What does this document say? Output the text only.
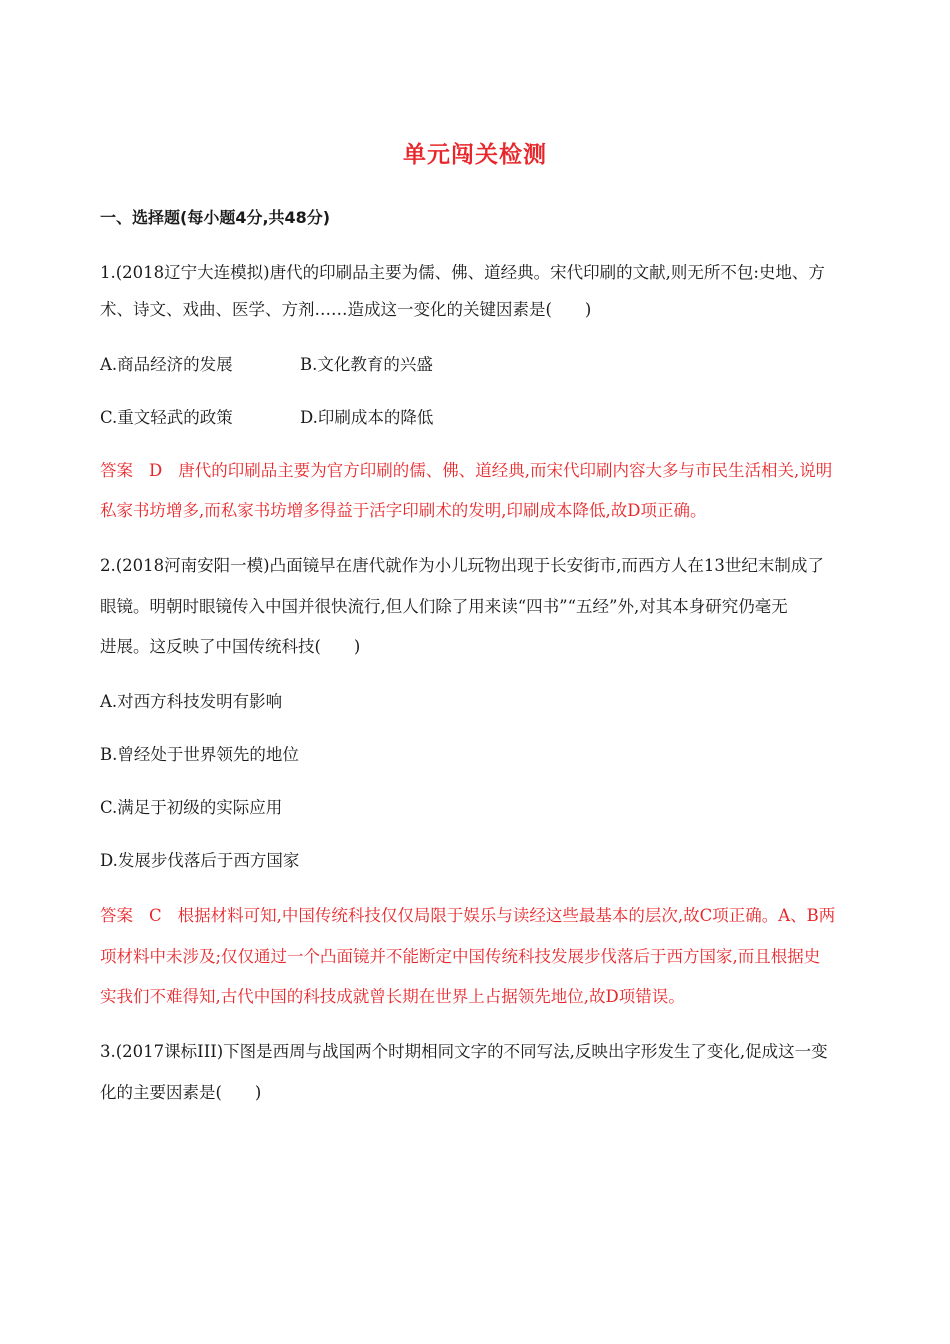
单元闯关检测
一、选择题(每小题4分,共48分)
1.(2018辽宁大连模拟)唐代的印刷品主要为儒、佛、道经典。宋代印刷的文献,则无所不包:史地、方
术、诗文、戏曲、医学、方剂……造成这一变化的关键因素是(　　)
A.商品经济的发展	B.文化教育的兴盛
C.重文轻武的政策	D.印刷成本的降低
答案 D 唐代的印刷品主要为官方印刷的儒、佛、道经典,而宋代印刷内容大多与市民生活相关,说明
私家书坊增多,而私家书坊增多得益于活字印刷术的发明,印刷成本降低,故D项正确。
2.(2018河南安阳一模)凸面镜早在唐代就作为小儿玩物出现于长安街市,而西方人在13世纪末制成了
眼镜。明朝时眼镜传入中国并很快流行,但人们除了用来读“四书”“五经”外,对其本身研究仍毫无
进展。这反映了中国传统科技(　　)
A.对西方科技发明有影响
B.曾经处于世界领先的地位
C.满足于初级的实际应用
D.发展步伐落后于西方国家
答案 C 根据材料可知,中国传统科技仅仅局限于娱乐与读经这些最基本的层次,故C项正确。A、B两
项材料中未涉及;仅仅通过一个凸面镜并不能断定中国传统科技发展步伐落后于西方国家,而且根据史
实我们不难得知,古代中国的科技成就曾长期在世界上占据领先地位,故D项错误。
3.(2017课标III)下图是西周与战国两个时期相同文字的不同写法,反映出字形发生了变化,促成这一变
化的主要因素是(　　)
